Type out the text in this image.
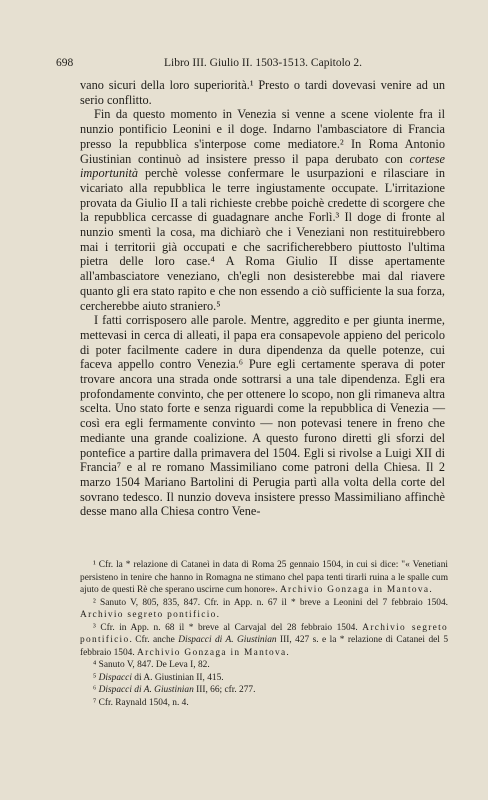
698	Libro III. Giulio II. 1503-1513. Capitolo 2.

vano sicuri della loro superiorità.¹ Presto o tardi dovevasi venire ad un serio conflitto.

Fin da questo momento in Venezia si venne a scene violente fra il nunzio pontificio Leonini e il doge. Indarno l'ambasciatore di Francia presso la repubblica s'interpose come mediatore.² In Roma Antonio Giustinian continuò ad insistere presso il papa derubato con cortese importunità perchè volesse confermare le usurpazioni e rilasciare in vicariato alla repubblica le terre ingiustamente occupate. L'irritazione provata da Giulio II a tali richieste crebbe poichè credette di scorgere che la repubblica cercasse di guadagnare anche Forlì.³ Il doge di fronte al nunzio smentì la cosa, ma dichiarò che i Veneziani non restituirebbero mai i territorii già occupati e che sacrificherebbero piuttosto l'ultima pietra delle loro case.⁴ A Roma Giulio II disse apertamente all'ambasciatore veneziano, ch'egli non desisterebbe mai dal riavere quanto gli era stato rapito e che non essendo a ciò sufficiente la sua forza, cercherebbe aiuto straniero.⁵

I fatti corrisposero alle parole. Mentre, aggredito e per giunta inerme, mettevasi in cerca di alleati, il papa era consapevole appieno del pericolo di poter facilmente cadere in dura dipendenza da quelle potenze, cui faceva appello contro Venezia.⁶ Pure egli certamente sperava di poter trovare ancora una strada onde sottrarsi a una tale dipendenza. Egli era profondamente convinto, che per ottenere lo scopo, non gli rimaneva altra scelta. Uno stato forte e senza riguardi come la repubblica di Venezia — così era egli fermamente convinto — non potevasi tenere in freno che mediante una grande coalizione. A questo furono diretti gli sforzi del pontefice a partire dalla primavera del 1504. Egli si rivolse a Luigi XII di Francia⁷ e al re romano Massimiliano come patroni della Chiesa. Il 2 marzo 1504 Mariano Bartolini di Perugia partì alla volta della corte del sovrano tedesco. Il nunzio doveva insistere presso Massimiliano affinchè desse mano alla Chiesa contro Vene-

¹ Cfr. la * relazione di Cataneì in data di Roma 25 gennaio 1504, in cui si dice: "« Venetiani persisteno in tenire che hanno in Romagna ne stimano chel papa tenti tirarli ruina a le spalle cum ajuto de questi Rè che sperano uscirne cum honore». Archivio Gonzaga in Mantova.

² Sanuto V, 805, 835, 847. Cfr. in App. n. 67 il * breve a Leonini del 7 febbraio 1504. Archivio segreto pontificio.

³ Cfr. in App. n. 68 il * breve al Carvajal del 28 febbraio 1504. Archivio segreto pontificio. Cfr. anche Dispacci di A. Giustinian III, 427 s. e la * relazione di Catanei del 5 febbraio 1504. Archivio Gonzaga in Mantova.

⁴ Sanuto V, 847. De Leva I, 82.

⁵ Dispacci di A. Giustinian II, 415.

⁶ Dispacci di A. Giustinian III, 66; cfr. 277.

⁷ Cfr. Raynald 1504, n. 4.
